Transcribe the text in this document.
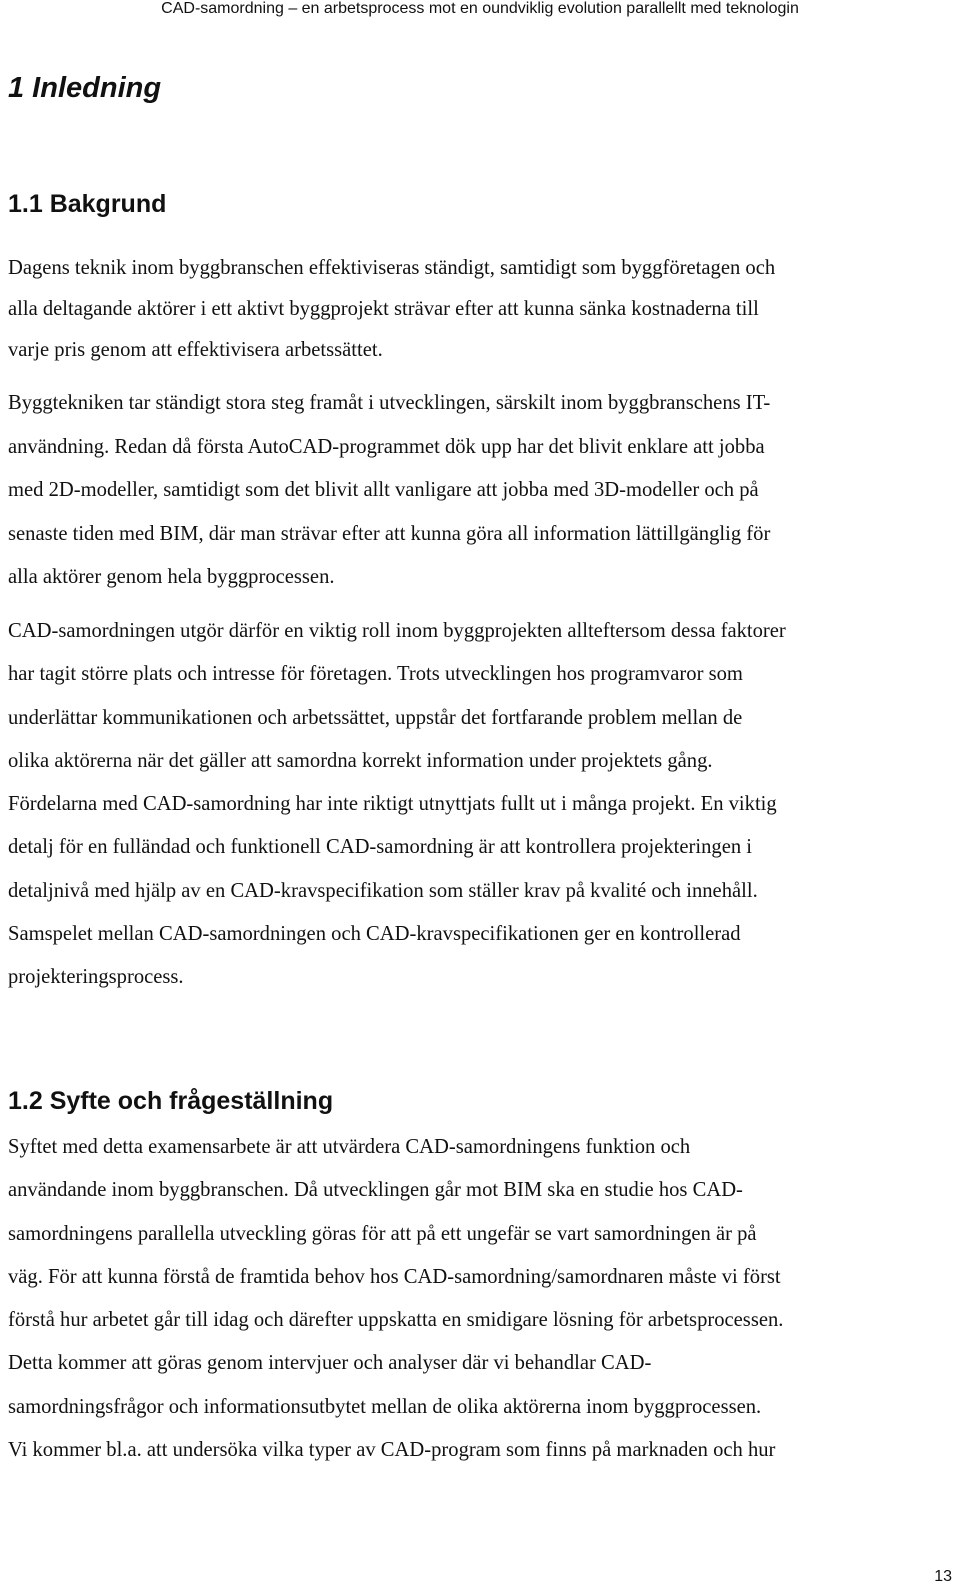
CAD-samordning – en arbetsprocess mot en oundviklig evolution parallellt med teknologin
1 Inledning
1.1 Bakgrund

Dagens teknik inom byggbranschen effektiviseras ständigt, samtidigt som byggföretagen och
alla deltagande aktörer i ett aktivt byggprojekt strävar efter att kunna sänka kostnaderna till
varje pris genom att effektivisera arbetssättet.

Byggtekniken tar ständigt stora steg framåt i utvecklingen, särskilt inom byggbranschens IT-
användning. Redan då första AutoCAD-programmet dök upp har det blivit enklare att jobba
med 2D-modeller, samtidigt som det blivit allt vanligare att jobba med 3D-modeller och på
senaste tiden med BIM, där man strävar efter att kunna göra all information lättillgänglig för
alla aktörer genom hela byggprocessen.

CAD-samordningen utgör därför en viktig roll inom byggprojekten allteftersom dessa faktorer
har tagit större plats och intresse för företagen. Trots utvecklingen hos programvaror som
underlättar kommunikationen och arbetssättet, uppstår det fortfarande problem mellan de
olika aktörerna när det gäller att samordna korrekt information under projektets gång.
Fördelarna med CAD-samordning har inte riktigt utnyttjats fullt ut i många projekt. En viktig
detalj för en fulländad och funktionell CAD-samordning är att kontrollera projekteringen i
detaljnivå med hjälp av en CAD-kravspecifikation som ställer krav på kvalité och innehåll.
Samspelet mellan CAD-samordningen och CAD-kravspecifikationen ger en kontrollerad
projekteringsprocess.

1.2 Syfte och frågeställning

Syftet med detta examensarbete är att utvärdera CAD-samordningens funktion och
användande inom byggbranschen. Då utvecklingen går mot BIM ska en studie hos CAD-
samordningens parallella utveckling göras för att på ett ungefär se vart samordningen är på
väg. För att kunna förstå de framtida behov hos CAD-samordning/samordnaren måste vi först
förstå hur arbetet går till idag och därefter uppskatta en smidigare lösning för arbetsprocessen.
Detta kommer att göras genom intervjuer och analyser där vi behandlar CAD-
samordningsfrågor och informationsutbytet mellan de olika aktörerna inom byggprocessen.
Vi kommer bl.a. att undersöka vilka typer av CAD-program som finns på marknaden och hur

13
